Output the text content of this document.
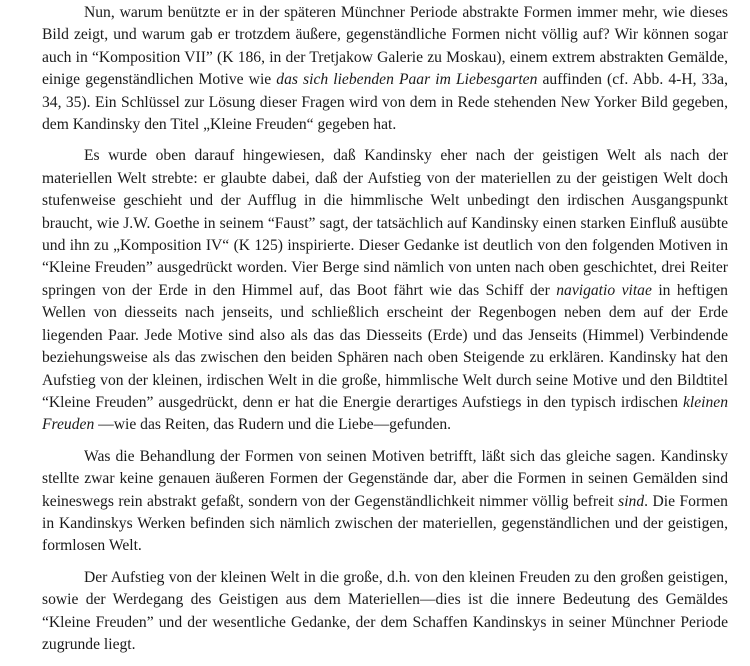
Nun, warum benützte er in der späteren Münchner Periode abstrakte Formen immer mehr, wie dieses Bild zeigt, und warum gab er trotzdem äußere, gegenständliche Formen nicht völlig auf? Wir können sogar auch in “Komposition VII” (K 186, in der Tretjakow Galerie zu Moskau), einem extrem abstrakten Gemälde, einige gegenständlichen Motive wie das sich liebenden Paar im Liebesgarten auffinden (cf. Abb. 4-H, 33a, 34, 35). Ein Schlüssel zur Lösung dieser Fragen wird von dem in Rede stehenden New Yorker Bild gegeben, dem Kandinsky den Titel „Kleine Freuden“ gegeben hat.

Es wurde oben darauf hingewiesen, daß Kandinsky eher nach der geistigen Welt als nach der materiellen Welt strebte: er glaubte dabei, daß der Aufstieg von der materiellen zu der geistigen Welt doch stufenweise geschieht und der Aufflug in die himmlische Welt unbedingt den irdischen Ausgangspunkt braucht, wie J.W. Goethe in seinem “Faust” sagt, der tatsächlich auf Kandinsky einen starken Einfluß ausübte und ihn zu „Komposition IV“ (K 125) inspirierte. Dieser Gedanke ist deutlich von den folgenden Motiven in “Kleine Freuden” ausgedrückt worden. Vier Berge sind nämlich von unten nach oben geschichtet, drei Reiter springen von der Erde in den Himmel auf, das Boot fährt wie das Schiff der navigatio vitae in heftigen Wellen von diesseits nach jenseits, und schließlich erscheint der Regenbogen neben dem auf der Erde liegenden Paar. Jede Motive sind also als das das Diesseits (Erde) und das Jenseits (Himmel) Verbindende beziehungsweise als das zwischen den beiden Sphären nach oben Steigende zu erklären. Kandinsky hat den Aufstieg von der kleinen, irdischen Welt in die große, himmlische Welt durch seine Motive und den Bildtitel “Kleine Freuden” ausgedrückt, denn er hat die Energie derartiges Aufstiegs in den typisch irdischen kleinen Freuden —wie das Reiten, das Rudern und die Liebe—gefunden.

Was die Behandlung der Formen von seinen Motiven betrifft, läßt sich das gleiche sagen. Kandinsky stellte zwar keine genauen äußeren Formen der Gegenstände dar, aber die Formen in seinen Gemälden sind keineswegs rein abstrakt gefaßt, sondern von der Gegenständlichkeit nimmer völlig befreit sind. Die Formen in Kandinskys Werken befinden sich nämlich zwischen der materiellen, gegenständlichen und der geistigen, formlosen Welt.

Der Aufstieg von der kleinen Welt in die große, d.h. von den kleinen Freuden zu den großen geistigen, sowie der Werdegang des Geistigen aus dem Materiellen—dies ist die innere Bedeutung des Gemäldes “Kleine Freuden” und der wesentliche Gedanke, der dem Schaffen Kandinskys in seiner Münchner Periode zugrunde liegt.
